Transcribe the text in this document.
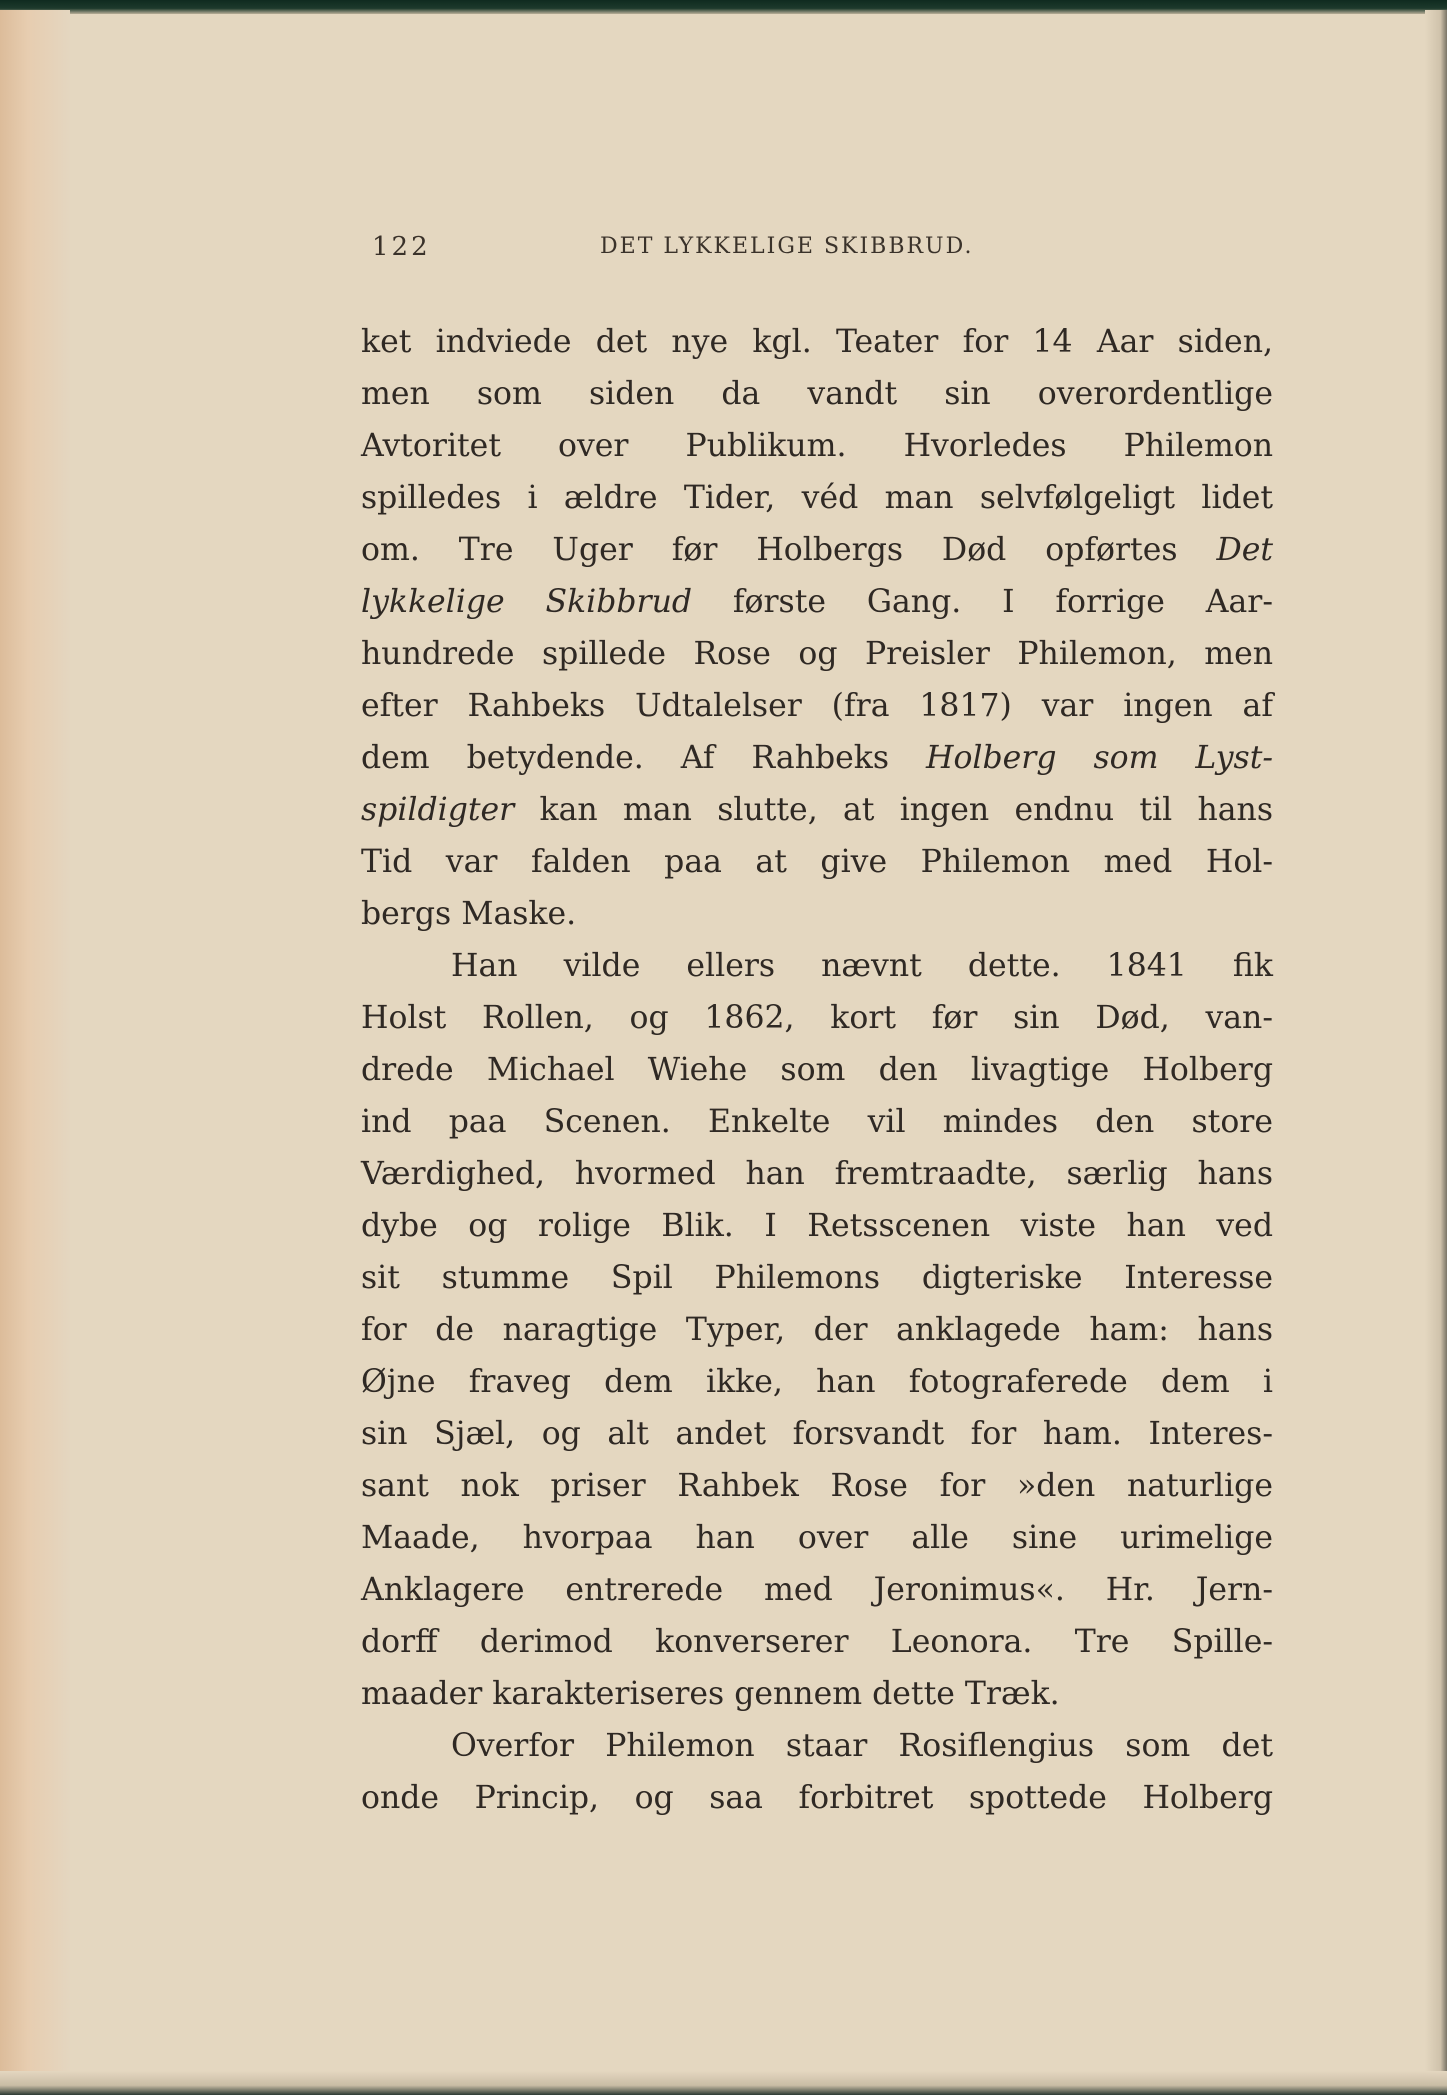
122	DET LYKKELIGE SKIBBRUD.
ket indviede det nye kgl. Teater for 14 Aar siden,
men som siden da vandt sin overordentlige
Avtoritet over Publikum. Hvorledes Philemon
spilledes i ældre Tider, véd man selvfølgeligt lidet
om. Tre Uger før Holbergs Død opførtes Det
lykkelige Skibbrud første Gang. I forrige Aar-
hundrede spillede Rose og Preisler Philemon, men
efter Rahbeks Udtalelser (fra 1817) var ingen af
dem betydende. Af Rahbeks Holberg som Lyst-
spildigter kan man slutte, at ingen endnu til hans
Tid var falden paa at give Philemon med Hol-
bergs Maske.
Han vilde ellers nævnt dette. 1841 fik
Holst Rollen, og 1862, kort før sin Død, van-
drede Michael Wiehe som den livagtige Holberg
ind paa Scenen. Enkelte vil mindes den store
Værdighed, hvormed han fremtraadte, særlig hans
dybe og rolige Blik. I Retsscenen viste han ved
sit stumme Spil Philemons digteriske Interesse
for de naragtige Typer, der anklagede ham: hans
Øjne fraveg dem ikke, han fotograferede dem i
sin Sjæl, og alt andet forsvandt for ham. Interes-
sant nok priser Rahbek Rose for »den naturlige
Maade, hvorpaa han over alle sine urimelige
Anklagere entrerede med Jeronimus«. Hr. Jern-
dorff derimod konverserer Leonora. Tre Spille-
maader karakteriseres gennem dette Træk.
Overfor Philemon staar Rosiflengius som det
onde Princip, og saa forbitret spottede Holberg
